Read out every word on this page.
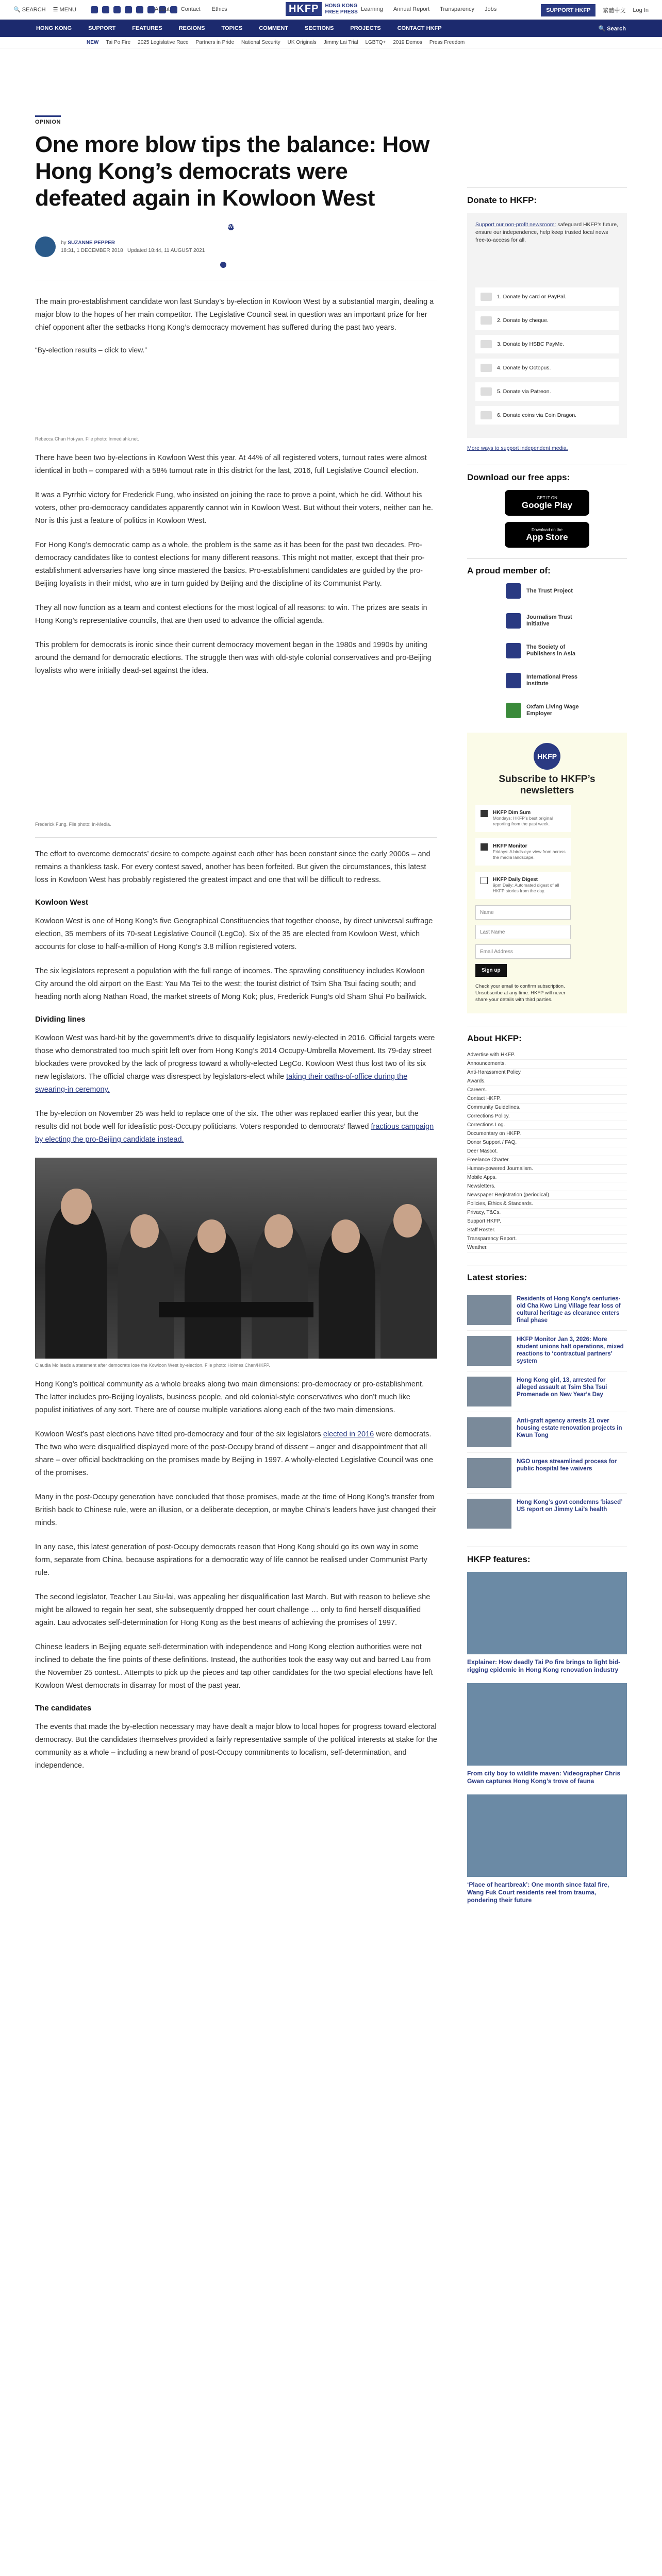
🔍 SEARCH ☰ MENU	About Contact Ethics	HKFP	HONG KONG
FREE PRESS Learning Annual Report Transparency Jobs	SUPPORT HKFP	繁體中文 Log In
HONG KONG	SUPPORT	FEATURES	REGIONS	TOPICS	COMMENT	SECTIONS	PROJECTS	CONTACT HKFP	🔍 Search
NEW Tai Po Fire 2025 Legislative Race Partners in Pride National Security UK Originals Jimmy Lai Trial LGBTQ+ 2019 Demos Press Freedom
OPINION
One more blow tips the balance: How Hong Kong’s democrats were defeated again in Kowloon West
by SUZANNE PEPPER
18:31, 1 DECEMBER 2018 Updated 18:44, 11 AUGUST 2021
Why you can trust Hong Kong Free Press

The main pro-establishment candidate won last Sunday’s by-election in Kowloon West by a substantial margin, dealing a major blow to the hopes of her main competitor. The Legislative Council seat in question was an important prize for her chief opponent after the setbacks Hong Kong’s democracy movement has suffered during the past two years.

“By-election results – click to view.”

Rebecca Chan Hoi-yan. File photo: Inmediahk.net.

There have been two by-elections in Kowloon West this year. At 44% of all registered voters, turnout rates were almost identical in both – compared with a 58% turnout rate in this district for the last, 2016, full Legislative Council election.

It was a Pyrrhic victory for Frederick Fung, who insisted on joining the race to prove a point, which he did. Without his voters, other pro-democracy candidates apparently cannot win in Kowloon West. But without their voters, neither can he. Nor is this just a feature of politics in Kowloon West.

For Hong Kong’s democratic camp as a whole, the problem is the same as it has been for the past two decades. Pro-democracy candidates like to contest elections for many different reasons. This might not matter, except that their pro-establishment adversaries have long since mastered the basics. Pro-establishment candidates are guided by the pro-Beijing loyalists in their midst, who are in turn guided by Beijing and the discipline of its Communist Party.

They all now function as a team and contest elections for the most logical of all reasons: to win. The prizes are seats in Hong Kong’s representative councils, that are then used to advance the official agenda.

This problem for democrats is ironic since their current democracy movement began in the 1980s and 1990s by uniting around the demand for democratic elections. The struggle then was with old-style colonial conservatives and pro-Beijing loyalists who were initially dead-set against the idea.

Frederick Fung. File photo: In-Media.

The effort to overcome democrats’ desire to compete against each other has been constant since the early 2000s – and remains a thankless task. For every contest saved, another has been forfeited. But given the circumstances, this latest loss in Kowloon West has probably registered the greatest impact and one that will be difficult to redress.

Kowloon West

Kowloon West is one of Hong Kong’s five Geographical Constituencies that together choose, by direct universal suffrage election, 35 members of its 70-seat Legislative Council (LegCo). Six of the 35 are elected from Kowloon West, which accounts for close to half-a-million of Hong Kong’s 3.8 million registered voters.

The six legislators represent a population with the full range of incomes. The sprawling constituency includes Kowloon City around the old airport on the East: Yau Ma Tei to the west; the tourist district of Tsim Sha Tsui facing south; and heading north along Nathan Road, the market streets of Mong Kok; plus, Frederick Fung’s old Sham Shui Po bailiwick.

Dividing lines

Kowloon West was hard-hit by the government’s drive to disqualify legislators newly-elected in 2016. Official targets were those who demonstrated too much spirit left over from Hong Kong’s 2014 Occupy-Umbrella Movement. Its 79-day street blockades were provoked by the lack of progress toward a wholly-elected LegCo. Kowloon West thus lost two of its six new legislators. The official charge was disrespect by legislators-elect while taking their oaths-of-office during the swearing-in ceremony.

The by-election on November 25 was held to replace one of the six. The other was replaced earlier this year, but the results did not bode well for idealistic post-Occupy politicians. Voters responded to democrats’ flawed fractious campaign by electing the pro-Beijing candidate instead.

Claudia Mo leads a statement after democrats lose the Kowloon West by-election. File photo: Holmes Chan/HKFP.

Hong Kong’s political community as a whole breaks along two main dimensions: pro-democracy or pro-establishment. The latter includes pro-Beijing loyalists, business people, and old colonial-style conservatives who don’t much like populist initiatives of any sort. There are of course multiple variations along each of the two main dimensions.

Kowloon West’s past elections have tilted pro-democracy and four of the six legislators elected in 2016 were democrats. The two who were disqualified displayed more of the post-Occupy brand of dissent – anger and disappointment that all share – over official backtracking on the promises made by Beijing in 1997. A wholly-elected Legislative Council was one of the promises.

Many in the post-Occupy generation have concluded that those promises, made at the time of Hong Kong’s transfer from British back to Chinese rule, were an illusion, or a deliberate deception, or maybe China’s leaders have just changed their minds.

In any case, this latest generation of post-Occupy democrats reason that Hong Kong should go its own way in some form, separate from China, because aspirations for a democratic way of life cannot be realised under Communist Party rule.

The second legislator, Teacher Lau Siu-lai, was appealing her disqualification last March. But with reason to believe she might be allowed to regain her seat, she subsequently dropped her court challenge … only to find herself disqualified again. Lau advocates self-determination for Hong Kong as the best means of achieving the promises of 1997.

Chinese leaders in Beijing equate self-determination with independence and Hong Kong election authorities were not inclined to debate the fine points of these definitions. Instead, the authorities took the easy way out and barred Lau from the November 25 contest.. Attempts to pick up the pieces and tap other candidates for the two special elections have left Kowloon West democrats in disarray for most of the past year.

The candidates

The events that made the by-election necessary may have dealt a major blow to local hopes for progress toward electoral democracy. But the candidates themselves provided a fairly representative sample of the political interests at stake for the community as a whole – including a new brand of post-Occupy commitments to localism, self-determination, and independence.

Donate to HKFP:
Support our non-profit newsroom: safeguard HKFP’s future, ensure our independence, help keep trusted local news free-to-access for all.
1. Donate by card or PayPal.
2. Donate by cheque.
3. Donate by HSBC PayMe.
4. Donate by Octopus.
5. Donate via Patreon.
6. Donate coins via Coin Dragon.
More ways to support independent media.
Download our free apps:
GET IT ON
Google Play
Download on the
App Store
A proud member of:
The Trust Project
Journalism Trust Initiative
The Society of Publishers in Asia
International Press Institute
Oxfam Living Wage Employer
HKFP
Subscribe to HKFP’s newsletters
HKFP Dim Sum
Mondays: HKFP’s best original reporting from the past week.
HKFP Monitor
Fridays: A birds-eye view from across the media landscape.
HKFP Daily Digest
9pm Daily: Automated digest of all HKFP stories from the day.
Name
Last Name
Email Address
Sign up
Check your email to confirm subscription. Unsubscribe at any time. HKFP will never share your details with third parties.
About HKFP:
Advertise with HKFP.
Announcements.
Anti-Harassment Policy.
Awards.
Careers.
Contact HKFP.
Community Guidelines.
Corrections Policy.
Corrections Log.
Documentary on HKFP.
Donor Support / FAQ.
Deer Mascot.
Freelance Charter.
Human-powered Journalism.
Mobile Apps.
Newsletters.
Newspaper Registration (periodical).
Policies, Ethics & Standards.
Privacy, T&Cs.
Support HKFP.
Staff Roster.
Transparency Report.
Weather.
Latest stories:
Residents of Hong Kong’s centuries-old Cha Kwo Ling Village fear loss of cultural heritage as clearance enters final phase
HKFP Monitor Jan 3, 2026: More student unions halt operations, mixed reactions to ‘contractual partners’ system
Hong Kong girl, 13, arrested for alleged assault at Tsim Sha Tsui Promenade on New Year’s Day
Anti-graft agency arrests 21 over housing estate renovation projects in Kwun Tong
NGO urges streamlined process for public hospital fee waivers
Hong Kong’s govt condemns ‘biased’ US report on Jimmy Lai’s health
HKFP features:
Explainer: How deadly Tai Po fire brings to light bid-rigging epidemic in Hong Kong renovation industry
From city boy to wildlife maven: Videographer Chris Gwan captures Hong Kong’s trove of fauna
‘Place of heartbreak’: One month since fatal fire, Wang Fuk Court residents reel from trauma, pondering their future
